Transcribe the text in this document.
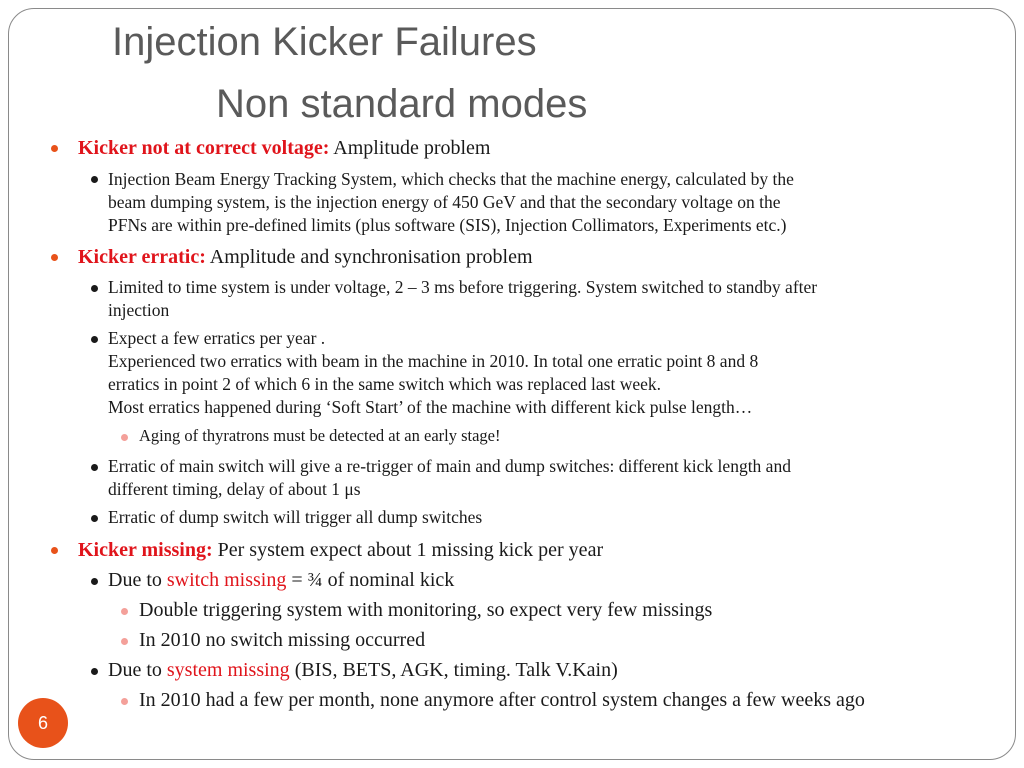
Injection Kicker Failures
Non standard modes
Kicker not at correct voltage: Amplitude problem
Injection Beam Energy Tracking System, which checks that the machine energy, calculated by the
beam dumping system, is the injection energy of 450 GeV and that the secondary voltage on the
PFNs are within pre-defined limits (plus software (SIS), Injection Collimators, Experiments etc.)
Kicker erratic: Amplitude and synchronisation problem
Limited to time system is under voltage, 2 – 3 ms before triggering. System switched to standby after
injection
Expect a few erratics per year .
Experienced two erratics with beam in the machine in 2010. In total one erratic point 8 and 8
erratics in point 2 of which 6 in the same switch which was replaced last week.
Most erratics happened during ‘Soft Start’ of the machine with different kick pulse length…
Aging of thyratrons must be detected at an early stage!
Erratic of main switch will give a re-trigger of main and dump switches: different kick length and
different timing, delay of about 1 μs
Erratic of dump switch will trigger all dump switches
Kicker missing: Per system expect about 1 missing kick per year
Due to switch missing = ¾ of nominal kick
Double triggering system with monitoring, so expect very few missings
In 2010 no switch missing occurred
Due to system missing (BIS, BETS, AGK, timing. Talk V.Kain)
In 2010 had a few per month, none anymore after control system changes a few weeks ago
6
